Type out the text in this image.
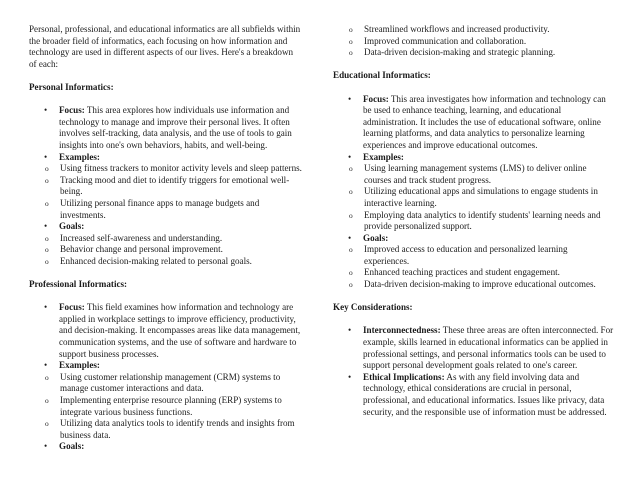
Personal, professional, and educational informatics are all subfields within the broader field of informatics, each focusing on how information and technology are used in different aspects of our lives. Here's a breakdown of each:

Personal Informatics:

• Focus: This area explores how individuals use information and technology to manage and improve their personal lives. It often involves self-tracking, data analysis, and the use of tools to gain insights into one's own behaviors, habits, and well-being.
• Examples:
o Using fitness trackers to monitor activity levels and sleep patterns.
o Tracking mood and diet to identify triggers for emotional well-being.
o Utilizing personal finance apps to manage budgets and investments.
• Goals:
o Increased self-awareness and understanding.
o Behavior change and personal improvement.
o Enhanced decision-making related to personal goals.

Professional Informatics:

• Focus: This field examines how information and technology are applied in workplace settings to improve efficiency, productivity, and decision-making. It encompasses areas like data management, communication systems, and the use of software and hardware to support business processes.
• Examples:
o Using customer relationship management (CRM) systems to manage customer interactions and data.
o Implementing enterprise resource planning (ERP) systems to integrate various business functions.
o Utilizing data analytics tools to identify trends and insights from business data.
• Goals:
o Streamlined workflows and increased productivity.
o Improved communication and collaboration.
o Data-driven decision-making and strategic planning.

Educational Informatics:

• Focus: This area investigates how information and technology can be used to enhance teaching, learning, and educational administration. It includes the use of educational software, online learning platforms, and data analytics to personalize learning experiences and improve educational outcomes.
• Examples:
o Using learning management systems (LMS) to deliver online courses and track student progress.
o Utilizing educational apps and simulations to engage students in interactive learning.
o Employing data analytics to identify students' learning needs and provide personalized support.
• Goals:
o Improved access to education and personalized learning experiences.
o Enhanced teaching practices and student engagement.
o Data-driven decision-making to improve educational outcomes.

Key Considerations:

• Interconnectedness: These three areas are often interconnected. For example, skills learned in educational informatics can be applied in professional settings, and personal informatics tools can be used to support personal development goals related to one's career.
• Ethical Implications: As with any field involving data and technology, ethical considerations are crucial in personal, professional, and educational informatics. Issues like privacy, data security, and the responsible use of information must be addressed.
